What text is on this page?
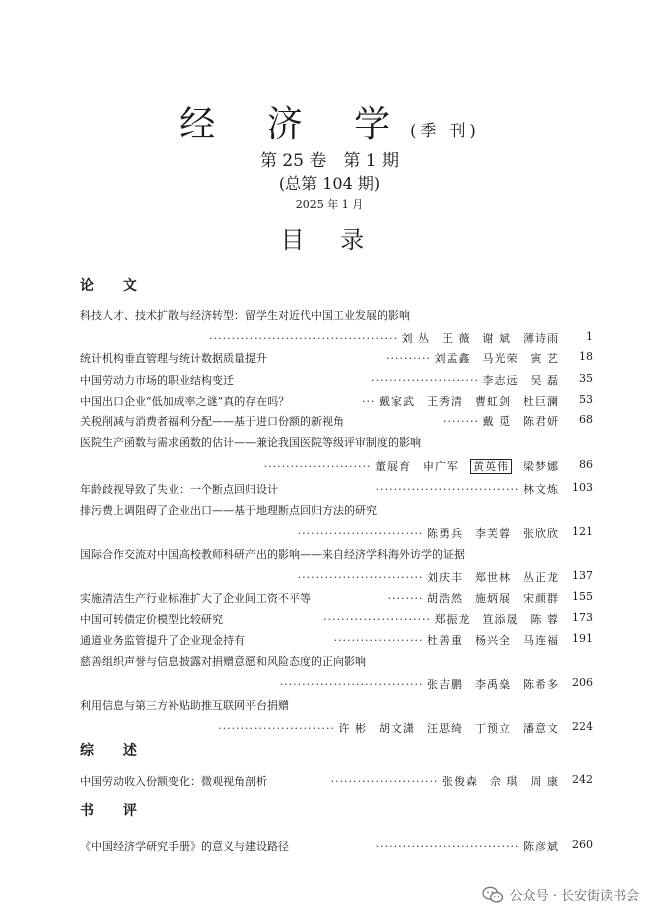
经 济 学(季 刊)
第 25 卷　第 1 期
(总第 104 期)
2025 年 1 月
目 录
论 文
综 述
书 评
科技人才、技术扩散与经济转型：留学生对近代中国工业发展的影响
·········································· 刘 丛　王 薇　谢 斌　薄诗雨	1
统计机构垂直管理与统计数据质量提升	·········· 刘孟鑫　马光荣　寅 艺	18
中国劳动力市场的职业结构变迁	························ 李志远　吴 磊	35
中国出口企业“低加成率之谜”真的存在吗？	··· 戴家武　王秀清　曹虹剑　杜巨澜	53
关税削减与消费者福利分配——基于进口份额的新视角	········ 戴 觅　陈君妍	68
医院生产函数与需求函数的估计——兼论我国医院等级评审制度的影响
························ 董展育　申广军　 黄英伟　 梁梦娜	86
年龄歧视导致了失业：一个断点回归设计	································ 林文炼	103
排污费上调阻碍了企业出口——基于地理断点回归方法的研究
···························· 陈勇兵　李芙蓉　张欣欣	121
国际合作交流对中国高校教师科研产出的影响——来自经济学科海外访学的证据
···························· 刘庆丰　郑世林　丛正龙	137
实施清洁生产行业标准扩大了企业间工资不平等	········ 胡浩然　施炳展　宋颜群	155
中国可转债定价模型比较研究	························ 郑振龙　笪添晟　陈 蓉	173
通道业务监管提升了企业现金持有	···················· 杜善重　杨兴全　马连福	191
慈善组织声誉与信息披露对捐赠意愿和风险态度的正向影响
································ 张吉鹏　李禹燊　陈希多	206
利用信息与第三方补贴助推互联网平台捐赠
·························· 许 彬　胡文潇　汪思绮　丁预立　潘意文	224
中国劳动收入份额变化：微观视角剖析	························ 张俊森　佘 琪　周 康	242
《中国经济学研究手册》的意义与建设路径	································ 陈彦斌	260
公众号 · 长安街读书会
